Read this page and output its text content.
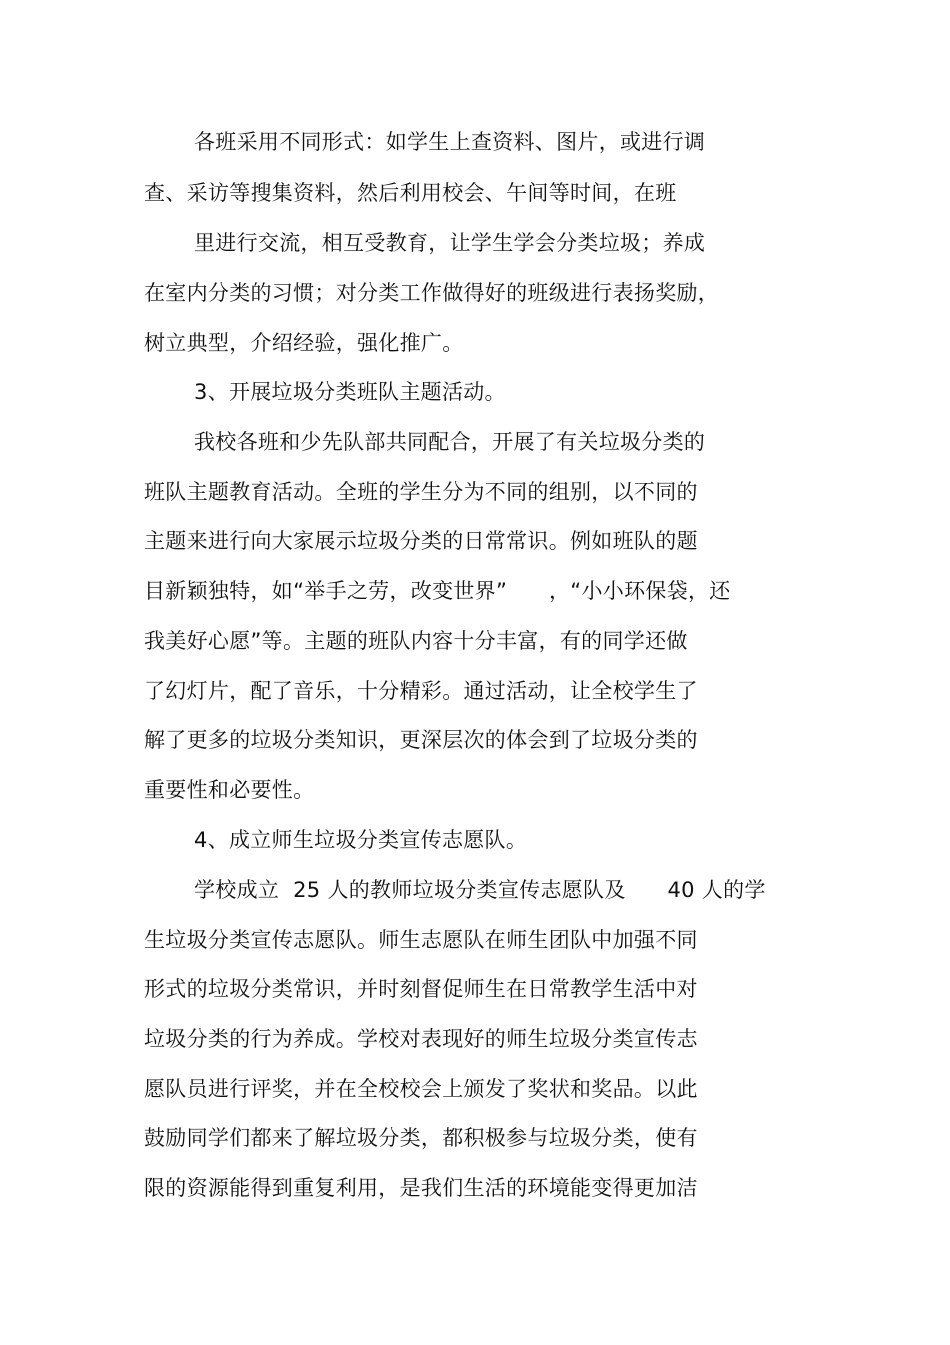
各班采用不同形式：如学生上查资料、图片，或进行调
查、采访等搜集资料，然后利用校会、午间等时间，在班
里进行交流，相互受教育，让学生学会分类垃圾；养成
在室内分类的习惯；对分类工作做得好的班级进行表扬奖励，
树立典型，介绍经验，强化推广。
3、开展垃圾分类班队主题活动。
我校各班和少先队部共同配合，开展了有关垃圾分类的
班队主题教育活动。全班的学生分为不同的组别，以不同的
主题来进行向大家展示垃圾分类的日常常识。例如班队的题
目新颖独特，如“举手之劳，改变世界”      ，“小小环保袋，还
我美好心愿”等。主题的班队内容十分丰富，有的同学还做
了幻灯片，配了音乐，十分精彩。通过活动，让全校学生了
解了更多的垃圾分类知识，更深层次的体会到了垃圾分类的
重要性和必要性。
4、成立师生垃圾分类宣传志愿队。
学校成立  25 人的教师垃圾分类宣传志愿队及      40 人的学
生垃圾分类宣传志愿队。师生志愿队在师生团队中加强不同
形式的垃圾分类常识，并时刻督促师生在日常教学生活中对
垃圾分类的行为养成。学校对表现好的师生垃圾分类宣传志
愿队员进行评奖，并在全校校会上颁发了奖状和奖品。以此
鼓励同学们都来了解垃圾分类，都积极参与垃圾分类，使有
限的资源能得到重复利用，是我们生活的环境能变得更加洁
